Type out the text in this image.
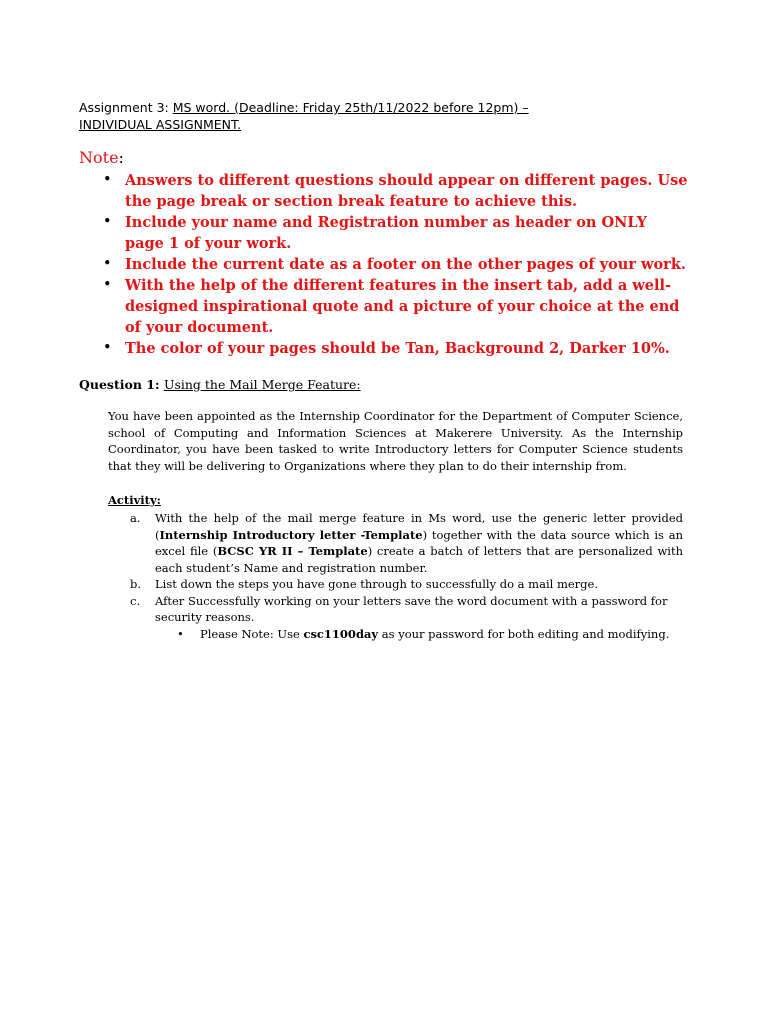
Assignment 3: MS word. (Deadline: Friday 25th/11/2022 before 12pm) –
INDIVIDUAL ASSIGNMENT.
Note:
• Answers to different questions should appear on different pages. Use the page break or section break feature to achieve this.
• Include your name and Registration number as header on ONLY page 1 of your work.
• Include the current date as a footer on the other pages of your work.
• With the help of the different features in the insert tab, add a well-designed inspirational quote and a picture of your choice at the end of your document.
• The color of your pages should be Tan, Background 2, Darker 10%.
Question 1: Using the Mail Merge Feature:

You have been appointed as the Internship Coordinator for the Department of Computer Science, school of Computing and Information Sciences at Makerere University. As the Internship Coordinator, you have been tasked to write Introductory letters for Computer Science students that they will be delivering to Organizations where they plan to do their internship from.

Activity:
a. With the help of the mail merge feature in Ms word, use the generic letter provided (Internship Introductory letter -Template) together with the data source which is an excel file (BCSC YR II – Template) create a batch of letters that are personalized with each student’s Name and registration number.
b. List down the steps you have gone through to successfully do a mail merge.
c. After Successfully working on your letters save the word document with a password for security reasons.
• Please Note: Use csc1100day as your password for both editing and modifying.
